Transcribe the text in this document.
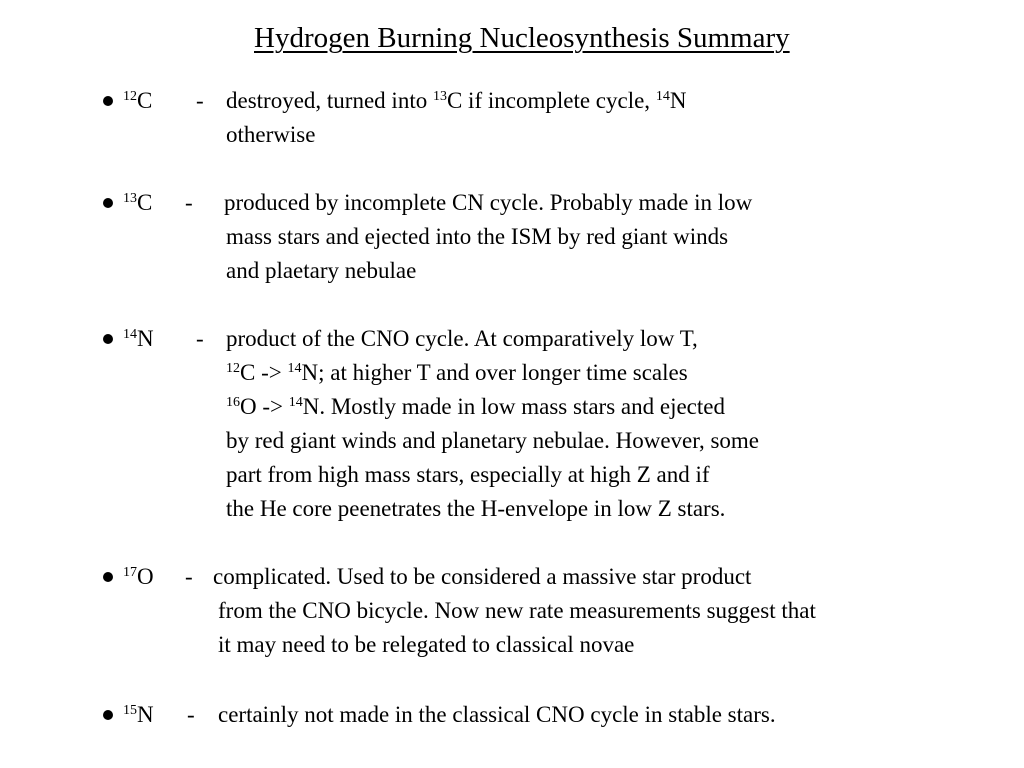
Hydrogen Burning Nucleosynthesis Summary
$^{12}$C - destroyed, turned into $^{13}$C if incomplete cycle, $^{14}$N
otherwise
$^{13}$C - produced by incomplete CN cycle. Probably made in low
mass stars and ejected into the ISM by red giant winds
and plaetary nebulae
$^{14}$N - product of the CNO cycle. At comparatively low T,
$^{12}$C -> $^{14}$N; at higher T and over longer time scales
$^{16}$O -> $^{14}$N. Mostly made in low mass stars and ejected
by red giant winds and planetary nebulae. However, some
part from high mass stars, especially at high Z and if
the He core peenetrates the H-envelope in low Z stars.
$^{17}$O - complicated. Used to be considered a massive star product
from the CNO bicycle. Now new rate measurements suggest that
it may need to be relegated to classical novae
$^{15}$N - certainly not made in the classical CNO cycle in stable stars.
